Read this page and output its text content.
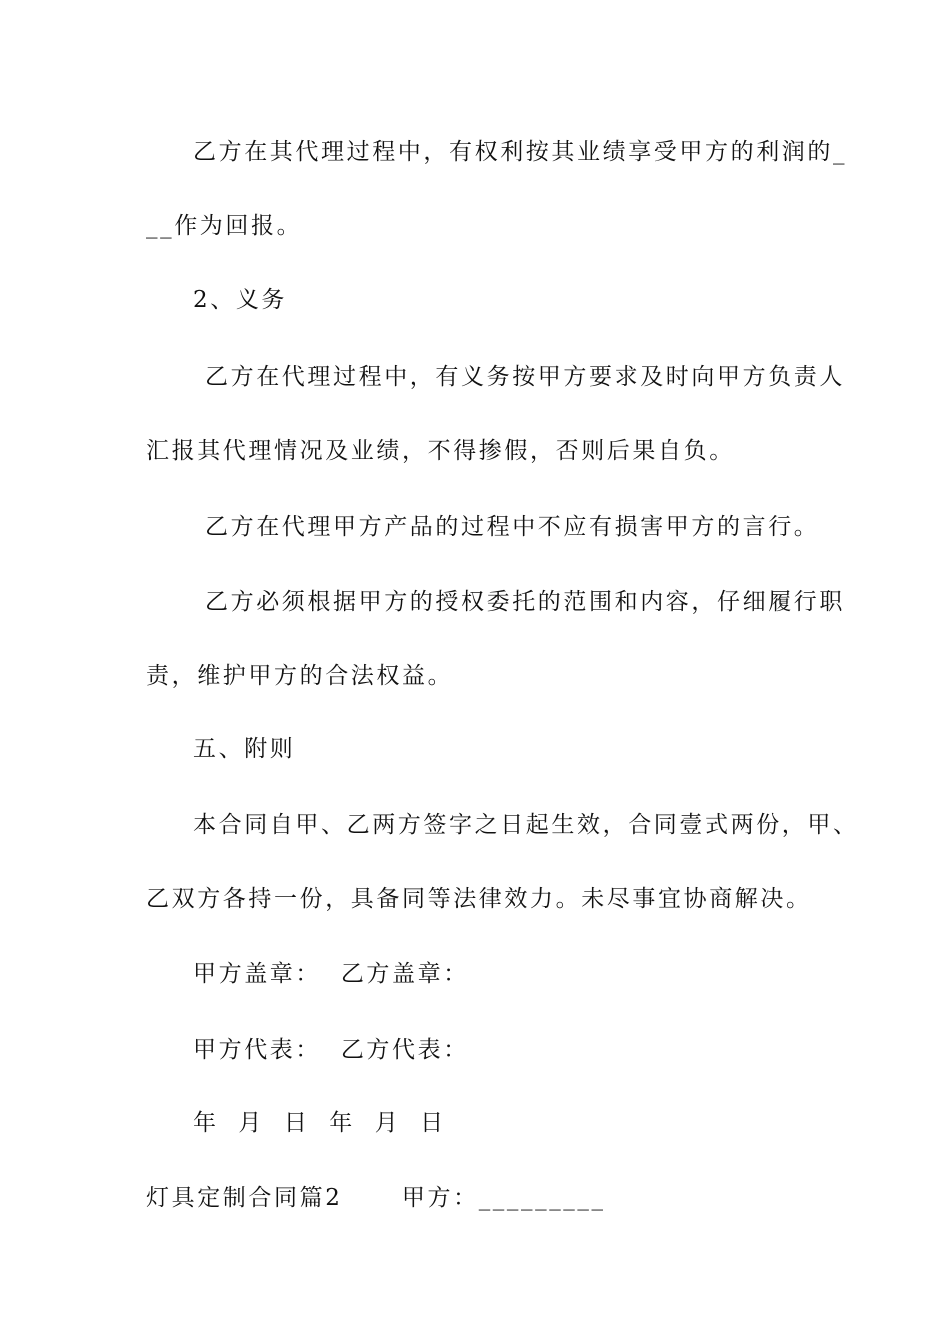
乙方在其代理过程中，有权利按其业绩享受甲方的利润的_
__作为回报。
2、义务
乙方在代理过程中，有义务按甲方要求及时向甲方负责人
汇报其代理情况及业绩，不得掺假，否则后果自负。
乙方在代理甲方产品的过程中不应有损害甲方的言行。
乙方必须根据甲方的授权委托的范围和内容，仔细履行职
责，维护甲方的合法权益。
五、附则
本合同自甲、乙两方签字之日起生效，合同壹式两份，甲、
乙双方各持一份，具备同等法律效力。未尽事宜协商解决。
甲方盖章：  乙方盖章：
甲方代表：  乙方代表：
年  月  日  年  月  日
灯具定制合同篇2      甲方：_________
